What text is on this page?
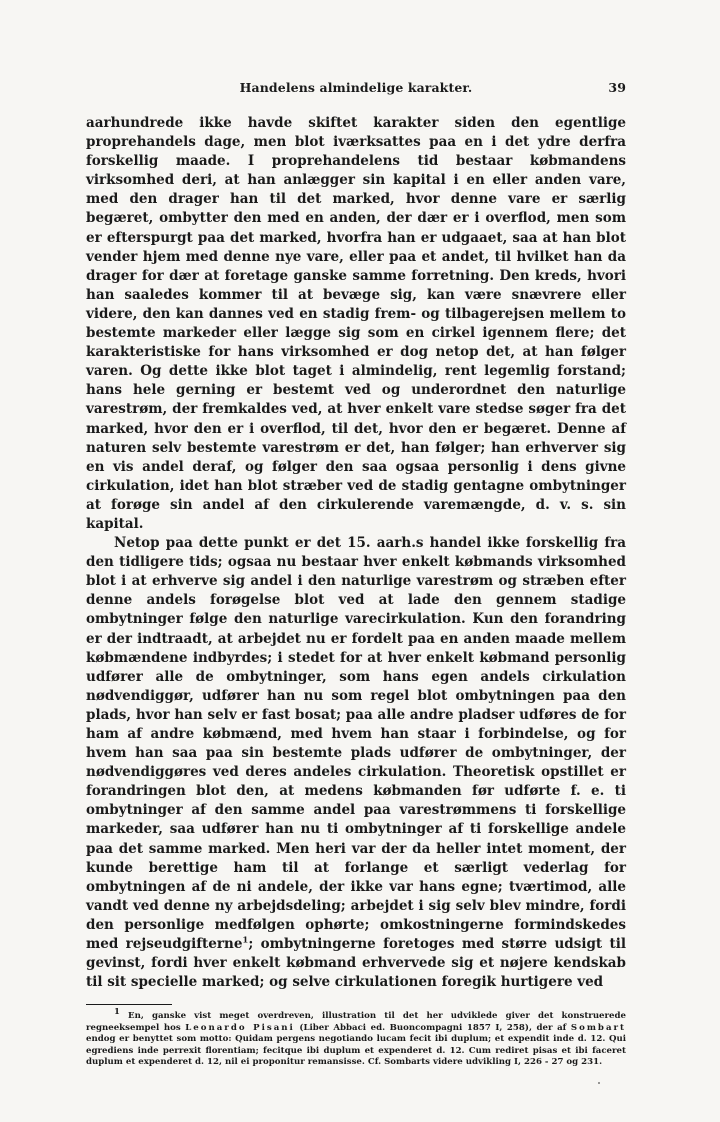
Handelens almindelige karakter.	39

aarhundrede ikke havde skiftet karakter siden den egentlige proprehandels dage, men blot iværksattes paa en i det ydre derfra forskellig maade. I proprehandelens tid bestaar købmandens virksomhed deri, at han anlægger sin kapital i en eller anden vare, med den drager han til det marked, hvor denne vare er særlig begæret, ombytter den med en anden, der dær er i overflod, men som er efterspurgt paa det marked, hvorfra han er udgaaet, saa at han blot vender hjem med denne nye vare, eller paa et andet, til hvilket han da drager for dær at foretage ganske samme forretning. Den kreds, hvori han saaledes kommer til at bevæge sig, kan være snævrere eller videre, den kan dannes ved en stadig frem- og tilbagerejsen mellem to bestemte markeder eller lægge sig som en cirkel igennem flere; det karakteristiske for hans virksomhed er dog netop det, at han følger varen. Og dette ikke blot taget i almindelig, rent legemlig forstand; hans hele gerning er bestemt ved og underordnet den naturlige varestrøm, der fremkaldes ved, at hver enkelt vare stedse søger fra det marked, hvor den er i overflod, til det, hvor den er begæret. Denne af naturen selv bestemte varestrøm er det, han følger; han erhverver sig en vis andel deraf, og følger den saa ogsaa personlig i dens givne cirkulation, idet han blot stræber ved de stadig gentagne ombytninger at forøge sin andel af den cirkulerende varemængde, d. v. s. sin kapital.

Netop paa dette punkt er det 15. aarh.s handel ikke forskellig fra den tidligere tids; ogsaa nu bestaar hver enkelt købmands virksomhed blot i at erhverve sig andel i den naturlige varestrøm og stræben efter denne andels forøgelse blot ved at lade den gennem stadige ombytninger følge den naturlige varecirkulation. Kun den forandring er der indtraadt, at arbejdet nu er fordelt paa en anden maade mellem købmændene indbyrdes; i stedet for at hver enkelt købmand personlig udfører alle de ombytninger, som hans egen andels cirkulation nødvendiggør, udfører han nu som regel blot ombytningen paa den plads, hvor han selv er fast bosat; paa alle andre pladser udføres de for ham af andre købmænd, med hvem han staar i forbindelse, og for hvem han saa paa sin bestemte plads udfører de ombytninger, der nødvendiggøres ved deres andeles cirkulation. Theoretisk opstillet er forandringen blot den, at medens købmanden før udførte f. e. ti ombytninger af den samme andel paa varestrømmens ti forskellige markeder, saa udfører han nu ti ombytninger af ti forskellige andele paa det samme marked. Men heri var der da heller intet moment, der kunde berettige ham til at forlange et særligt vederlag for ombytningen af de ni andele, der ikke var hans egne; tværtimod, alle vandt ved denne ny arbejdsdeling; arbejdet i sig selv blev mindre, fordi den personlige medfølgen ophørte; omkostningerne formindskedes med rejseudgifterne$^1$; ombytningerne foretoges med større udsigt til gevinst, fordi hver enkelt købmand erhvervede sig et nøjere kendskab til sit specielle marked; og selve cirkulationen foregik hurtigere ved

1 En, ganske vist meget overdreven, illustration til det her udviklede giver det konstruerede regneeksempel hos Leonardo Pisani (Liber Abbaci ed. Buoncompagni 1857 I, 258), der af Sombart endog er benyttet som motto: Quidam pergens negotiando lucam fecit ibi duplum; et expendit inde d. 12. Qui egrediens inde perrexit florentiam; fecitque ibi duplum et expenderet d. 12. Cum rediret pisas et ibi faceret duplum et expenderet d. 12, nil ei proponitur remansisse. Cf. Sombarts videre udvikling I, 226 - 27 og 231.
